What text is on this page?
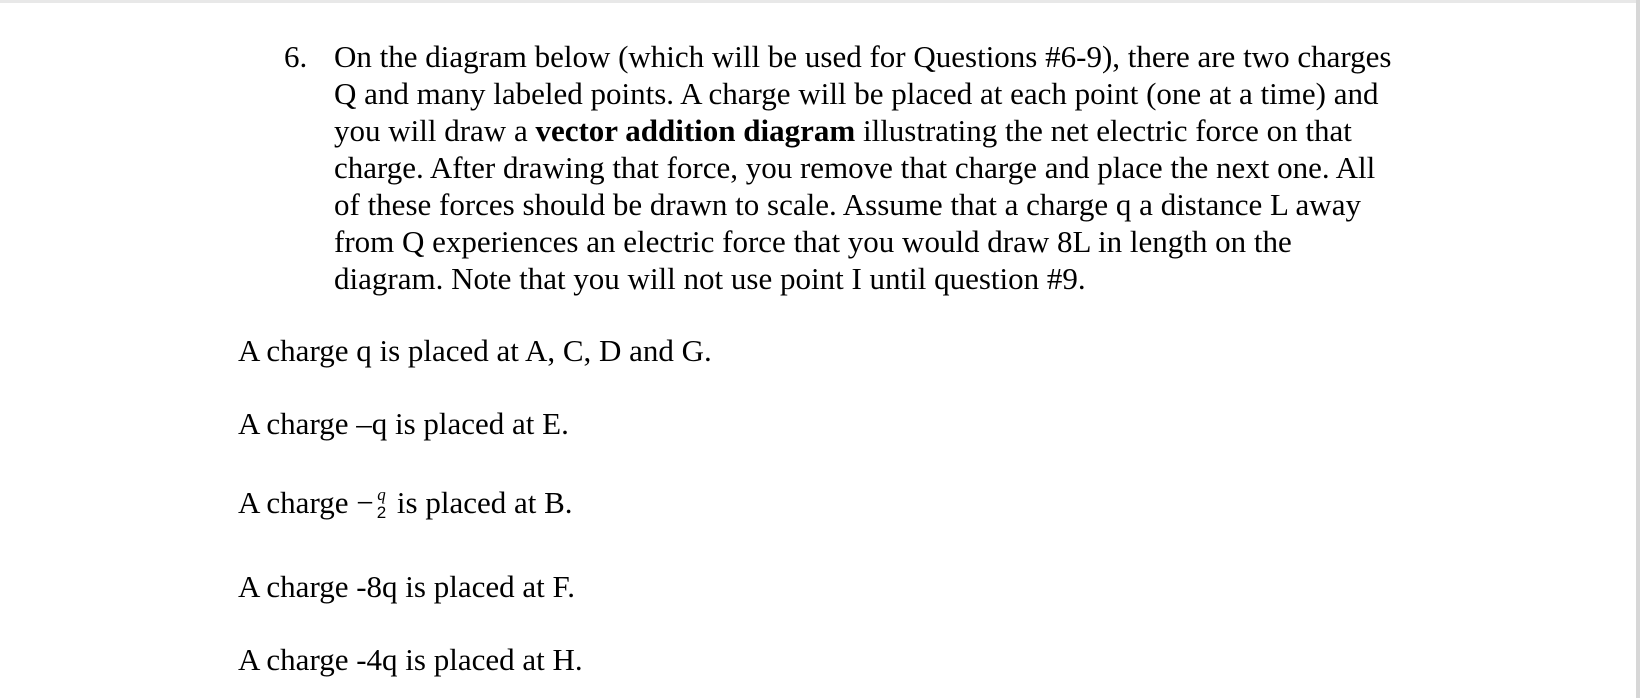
6. On the diagram below (which will be used for Questions #6-9), there are two charges Q and many labeled points. A charge will be placed at each point (one at a time) and you will draw a vector addition diagram illustrating the net electric force on that charge. After drawing that force, you remove that charge and place the next one. All of these forces should be drawn to scale. Assume that a charge q a distance L away from Q experiences an electric force that you would draw 8L in length on the diagram. Note that you will not use point I until question #9.
A charge q is placed at A, C, D and G.
A charge –q is placed at E.
A charge − q
2 is placed at B.
A charge -8q is placed at F.
A charge -4q is placed at H.
